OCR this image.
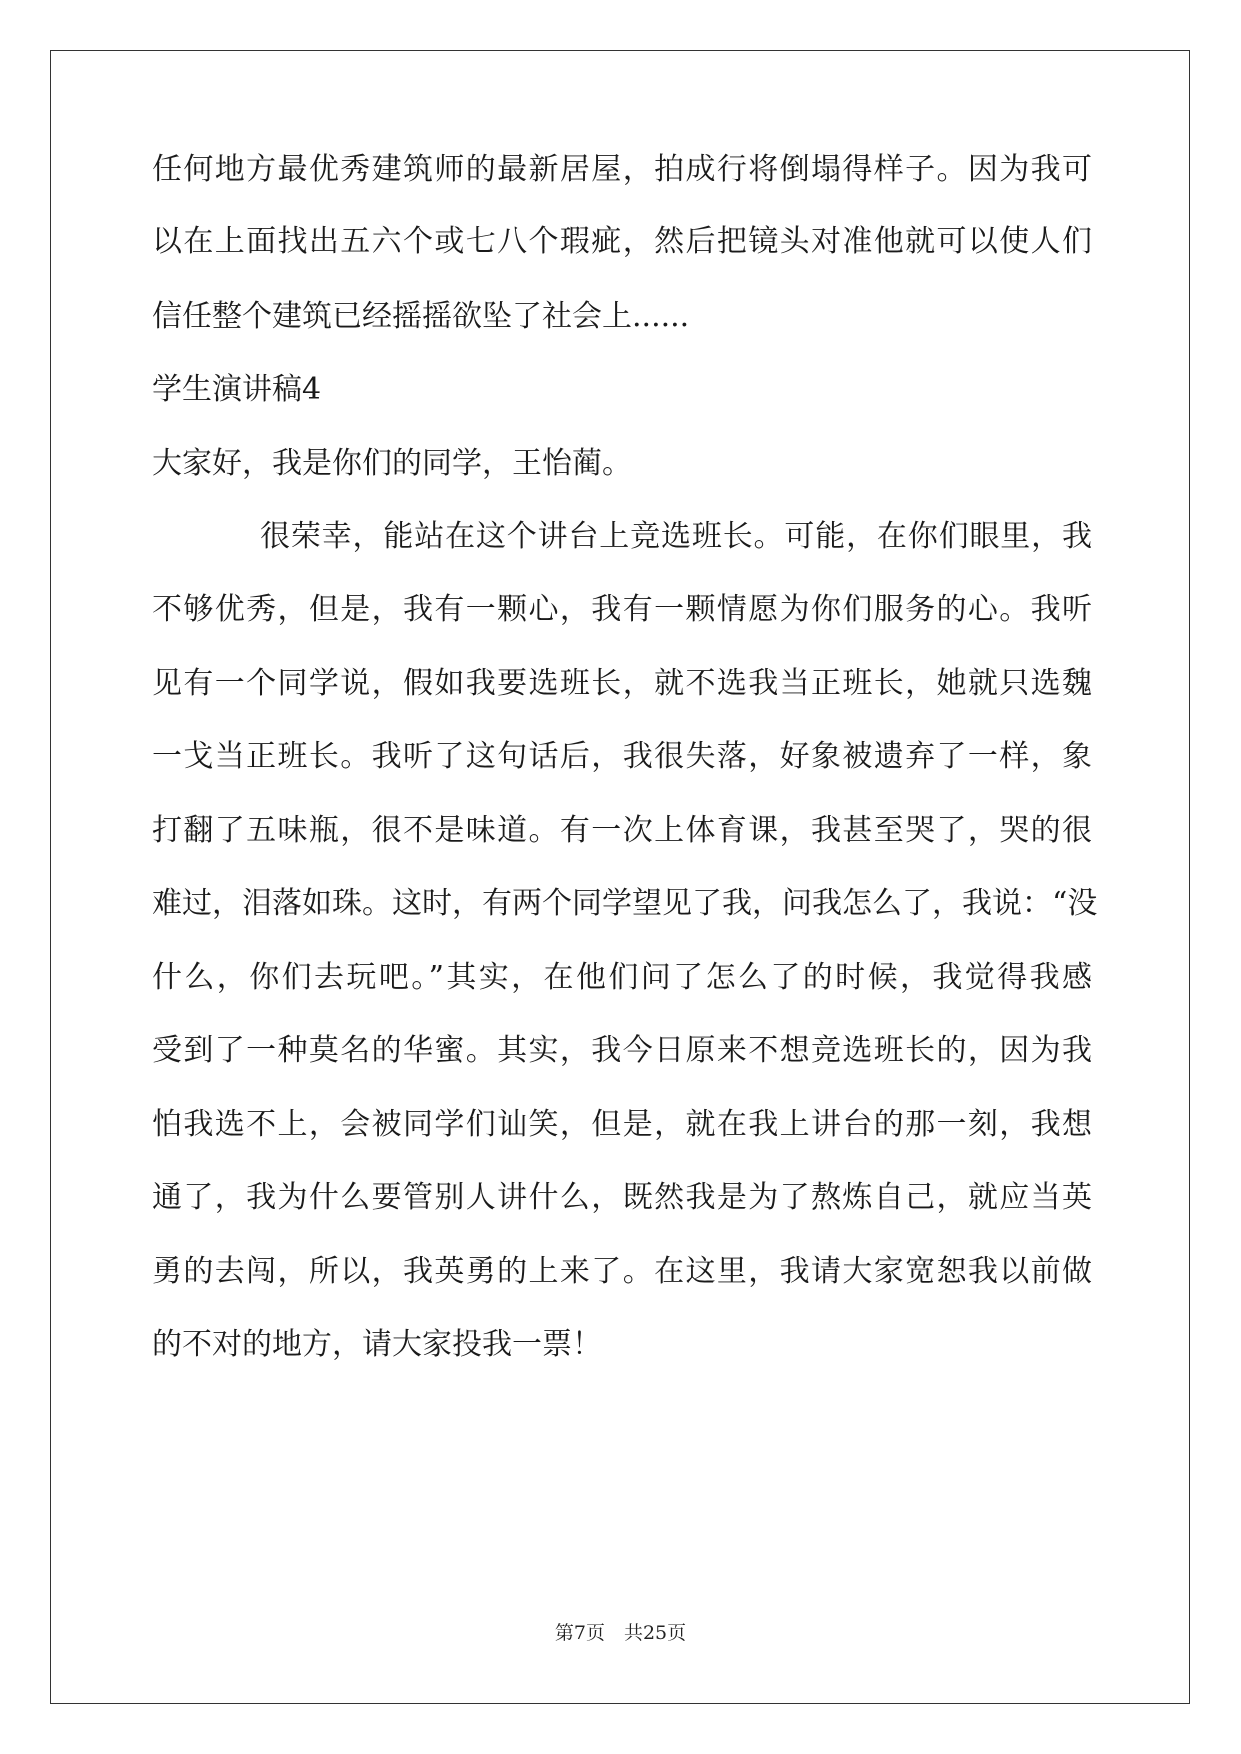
任何地方最优秀建筑师的最新居屋，拍成行将倒塌得样子。因为我可
以在上面找出五六个或七八个瑕疵，然后把镜头对准他就可以使人们
信任整个建筑已经摇摇欲坠了社会上......
学生演讲稿4
大家好，我是你们的同学，王怡蔺。
很荣幸，能站在这个讲台上竞选班长。可能，在你们眼里，我
不够优秀，但是，我有一颗心，我有一颗情愿为你们服务的心。我听
见有一个同学说，假如我要选班长，就不选我当正班长，她就只选魏
一戈当正班长。我听了这句话后，我很失落，好象被遗弃了一样，象
打翻了五味瓶，很不是味道。有一次上体育课，我甚至哭了，哭的很
难过，泪落如珠。这时，有两个同学望见了我，问我怎么了，我说：“没
什么，你们去玩吧。”其实，在他们问了怎么了的时候，我觉得我感
受到了一种莫名的华蜜。其实，我今日原来不想竞选班长的，因为我
怕我选不上，会被同学们讪笑，但是，就在我上讲台的那一刻，我想
通了，我为什么要管别人讲什么，既然我是为了熬炼自己，就应当英
勇的去闯，所以，我英勇的上来了。在这里，我请大家宽恕我以前做
的不对的地方，请大家投我一票！
第7页　共25页
